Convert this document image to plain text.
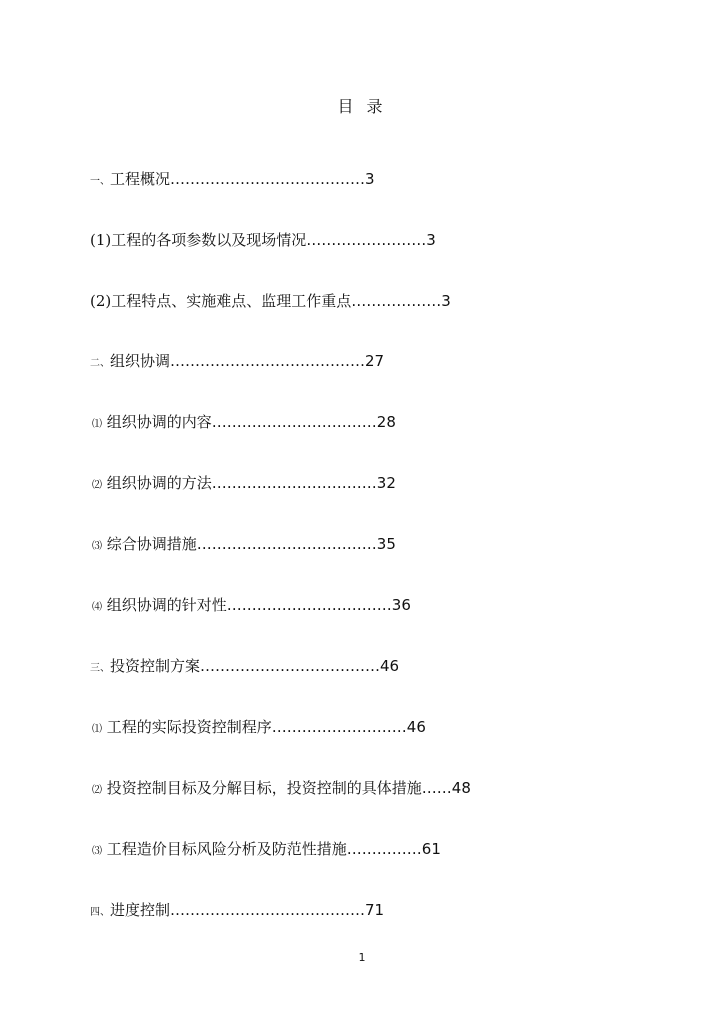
目 录
一、工程概况…………………………………3
(1)工程的各项参数以及现场情况……………………3
(2)工程特点、实施难点、监理工作重点………………3
二、组织协调…………………………………27
⑴ 组织协调的内容……………………………28
⑵ 组织协调的方法……………………………32
⑶ 综合协调措施………………………………35
⑷ 组织协调的针对性……………………………36
三、投资控制方案………………………………46
⑴ 工程的实际投资控制程序………………………46
⑵ 投资控制目标及分解目标，投资控制的具体措施……48
⑶ 工程造价目标风险分析及防范性措施……………61
四、进度控制…………………………………71
1
